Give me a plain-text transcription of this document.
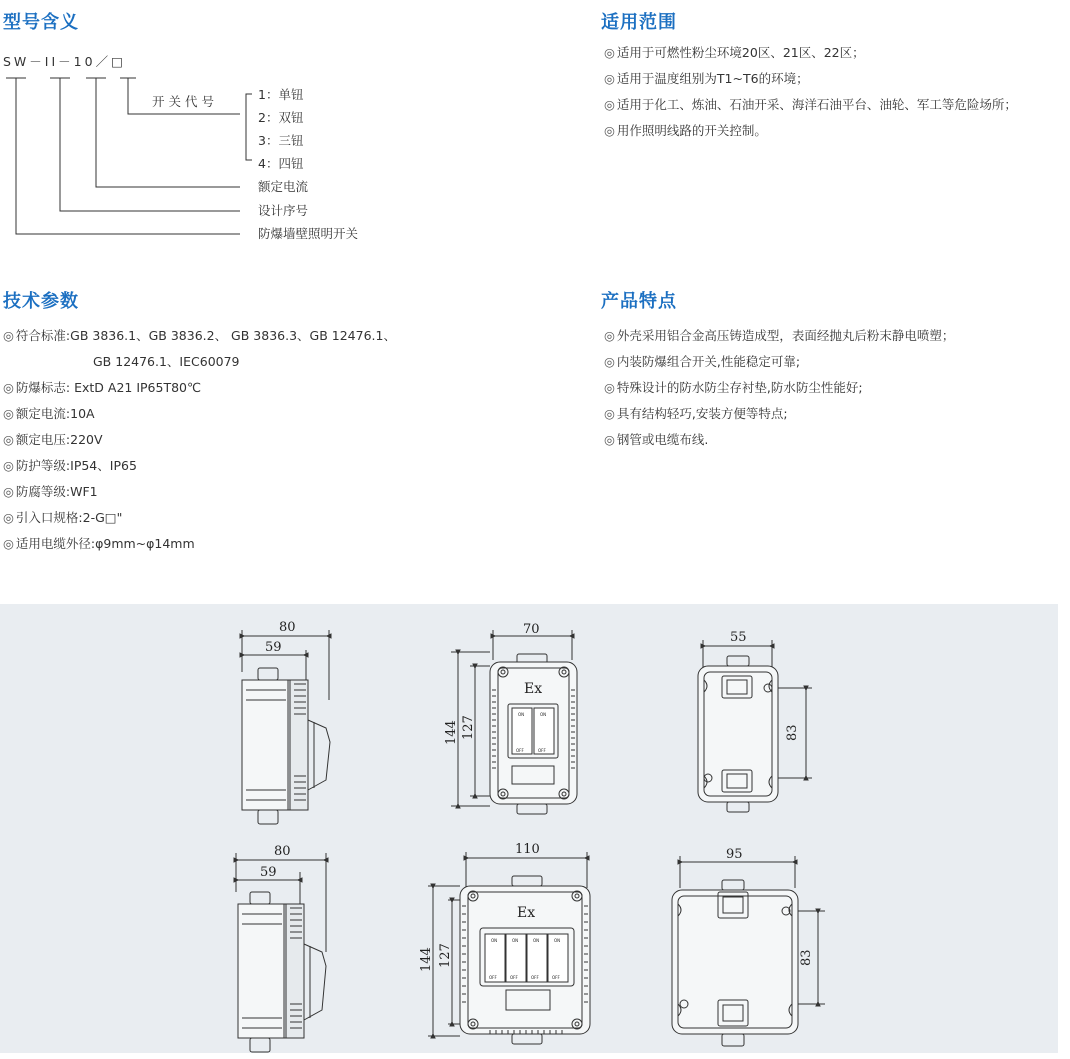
型号含义
SW－II－10／□
开关代号	1：单钮
2：双钮
3：三钮
4：四钮
额定电流
设计序号
防爆墙壁照明开关
适用范围
◎ 适用于可燃性粉尘环境20区、21区、22区；
◎ 适用于温度组别为T1~T6的环境；
◎ 适用于化工、炼油、石油开采、海洋石油平台、油轮、军工等危险场所；
◎ 用作照明线路的开关控制。
技术参数
◎ 符合标准:GB 3836.1、GB 3836.2、 GB 3836.3、GB 12476.1、
GB 12476.1、IEC60079
◎ 防爆标志: ExtD A21 IP65T80℃
◎ 额定电流:10A
◎ 额定电压:220V
◎ 防护等级:IP54、IP65
◎ 防腐等级:WF1
◎ 引入口规格:2-G□"
◎ 适用电缆外径:φ9mm~φ14mm
产品特点
◎ 外壳采用铝合金高压铸造成型，表面经抛丸后粉末静电喷塑；
◎ 内装防爆组合开关,性能稳定可靠;
◎ 特殊设计的防水防尘存衬垫,防水防尘性能好;
◎ 具有结构轻巧,安装方便等特点;
◎ 钢管或电缆布线.
80
59
70
144 127
55
83
Ex
80
59
110
144 127
95
83
Ex
ON
OFF
ON
OFF
ON
OFF
ON
OFF
ON
OFF
ON
OFF
